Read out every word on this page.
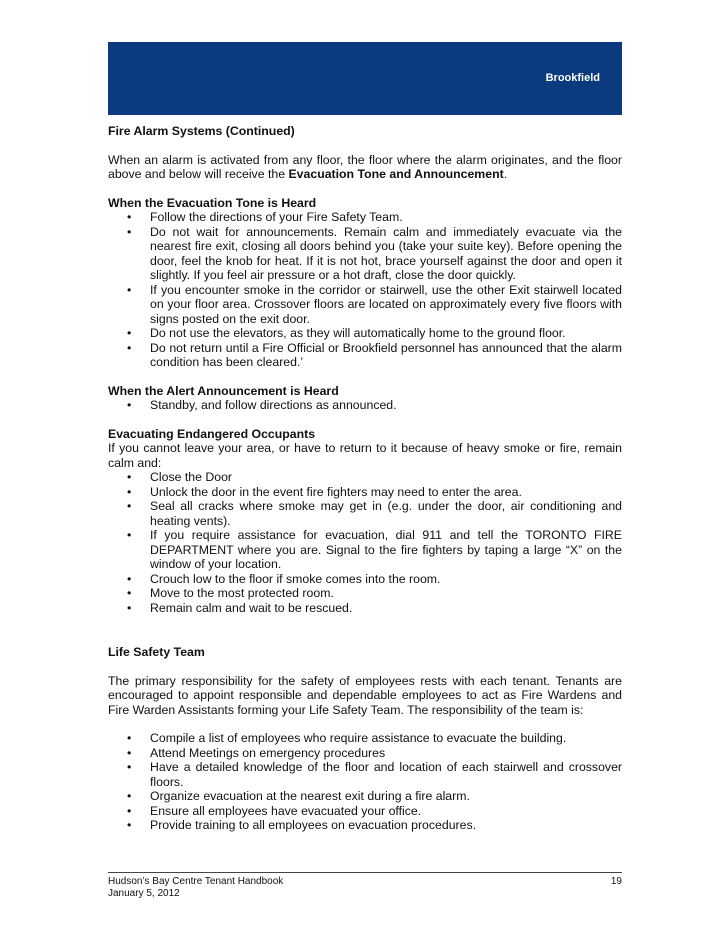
Brookfield

Fire Alarm Systems (Continued)

When an alarm is activated from any floor, the floor where the alarm originates, and the floor above and below will receive the Evacuation Tone and Announcement.

When the Evacuation Tone is Heard

• Follow the directions of your Fire Safety Team.
• Do not wait for announcements. Remain calm and immediately evacuate via the nearest fire exit, closing all doors behind you (take your suite key). Before opening the door, feel the knob for heat. If it is not hot, brace yourself against the door and open it slightly. If you feel air pressure or a hot draft, close the door quickly.
• If you encounter smoke in the corridor or stairwell, use the other Exit stairwell located on your floor area. Crossover floors are located on approximately every five floors with signs posted on the exit door.
• Do not use the elevators, as they will automatically home to the ground floor.
• Do not return until a Fire Official or Brookfield personnel has announced that the alarm condition has been cleared.’

When the Alert Announcement is Heard

• Standby, and follow directions as announced.

Evacuating Endangered Occupants

If you cannot leave your area, or have to return to it because of heavy smoke or fire, remain calm and:

• Close the Door
• Unlock the door in the event fire fighters may need to enter the area.
• Seal all cracks where smoke may get in (e.g. under the door, air conditioning and heating vents).
• If you require assistance for evacuation, dial 911 and tell the TORONTO FIRE DEPARTMENT where you are. Signal to the fire fighters by taping a large “X” on the window of your location.
• Crouch low to the floor if smoke comes into the room.
• Move to the most protected room.
• Remain calm and wait to be rescued.

Life Safety Team

The primary responsibility for the safety of employees rests with each tenant. Tenants are encouraged to appoint responsible and dependable employees to act as Fire Wardens and Fire Warden Assistants forming your Life Safety Team. The responsibility of the team is:

• Compile a list of employees who require assistance to evacuate the building.
• Attend Meetings on emergency procedures
• Have a detailed knowledge of the floor and location of each stairwell and crossover floors.
• Organize evacuation at the nearest exit during a fire alarm.
• Ensure all employees have evacuated your office.
• Provide training to all employees on evacuation procedures.
Hudson’s Bay Centre Tenant Handbook	19
January 5, 2012
